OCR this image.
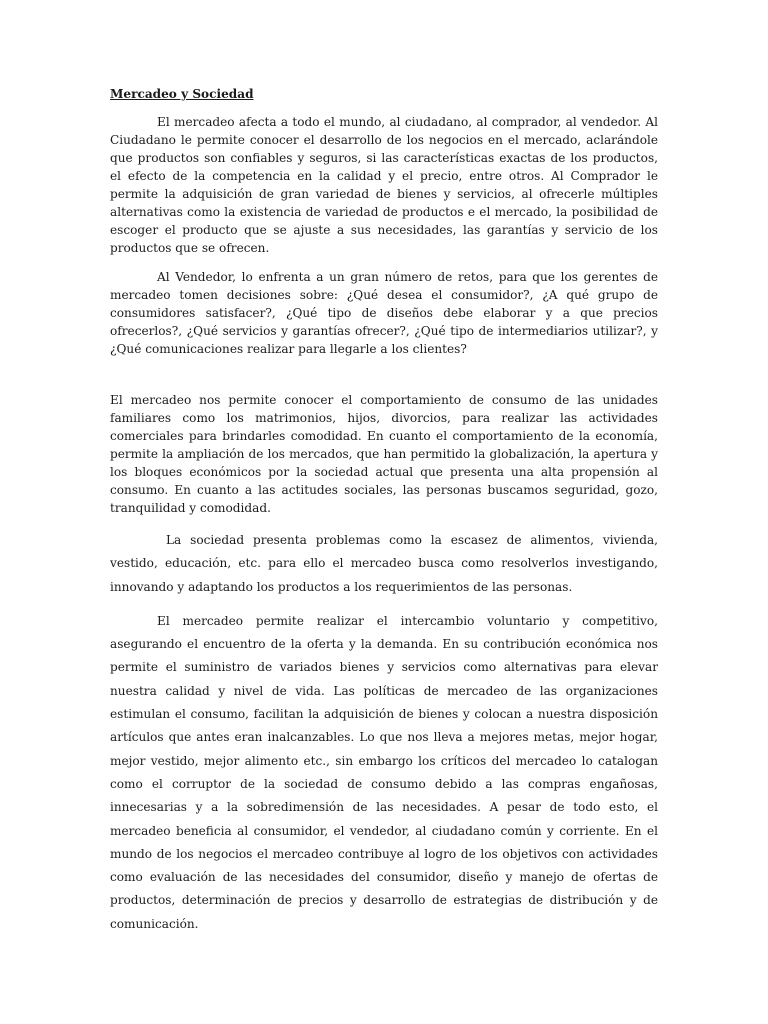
Mercadeo y Sociedad

El mercadeo afecta a todo el mundo, al ciudadano, al comprador, al vendedor. Al Ciudadano le permite conocer el desarrollo de los negocios en el mercado, aclarándole que productos son confiables y seguros, si las características exactas de los productos, el efecto de la competencia en la calidad y el precio, entre otros. Al Comprador le permite la adquisición de gran variedad de bienes y servicios, al ofrecerle múltiples alternativas como la existencia de variedad de productos e el mercado, la posibilidad de escoger el producto que se ajuste a sus necesidades, las garantías y servicio de los productos que se ofrecen.

Al Vendedor, lo enfrenta a un gran número de retos, para que los gerentes de mercadeo tomen decisiones sobre: ¿Qué desea el consumidor?, ¿A qué grupo de consumidores satisfacer?, ¿Qué tipo de diseños debe elaborar y a que precios ofrecerlos?, ¿Qué servicios y garantías ofrecer?, ¿Qué tipo de intermediarios utilizar?, y ¿Qué comunicaciones realizar para llegarle a los clientes?

El mercadeo nos permite conocer el comportamiento de consumo de las unidades familiares como los matrimonios, hijos, divorcios, para realizar las actividades comerciales para brindarles comodidad. En cuanto el comportamiento de la economía, permite la ampliación de los mercados, que han permitido la globalización, la apertura y los bloques económicos por la sociedad actual que presenta una alta propensión al consumo. En cuanto a las actitudes sociales, las personas buscamos seguridad, gozo, tranquilidad y comodidad.

La sociedad presenta problemas como la escasez de alimentos, vivienda, vestido, educación, etc. para ello el mercadeo busca como resolverlos investigando, innovando y adaptando los productos a los requerimientos de las personas.

El mercadeo permite realizar el intercambio voluntario y competitivo, asegurando el encuentro de la oferta y la demanda. En su contribución económica nos permite el suministro de variados bienes y servicios como alternativas para elevar nuestra calidad y nivel de vida. Las políticas de mercadeo de las organizaciones estimulan el consumo, facilitan la adquisición de bienes y colocan a nuestra disposición artículos que antes eran inalcanzables. Lo que nos lleva a mejores metas, mejor hogar, mejor vestido, mejor alimento etc., sin embargo los críticos del mercadeo lo catalogan como el corruptor de la sociedad de consumo debido a las compras engañosas, innecesarias y a la sobredimensión de las necesidades. A pesar de todo esto, el mercadeo beneficia al consumidor, el vendedor, al ciudadano común y corriente. En el mundo de los negocios el mercadeo contribuye al logro de los objetivos con actividades como evaluación de las necesidades del consumidor, diseño y manejo de ofertas de productos, determinación de precios y desarrollo de estrategias de distribución y de comunicación.
